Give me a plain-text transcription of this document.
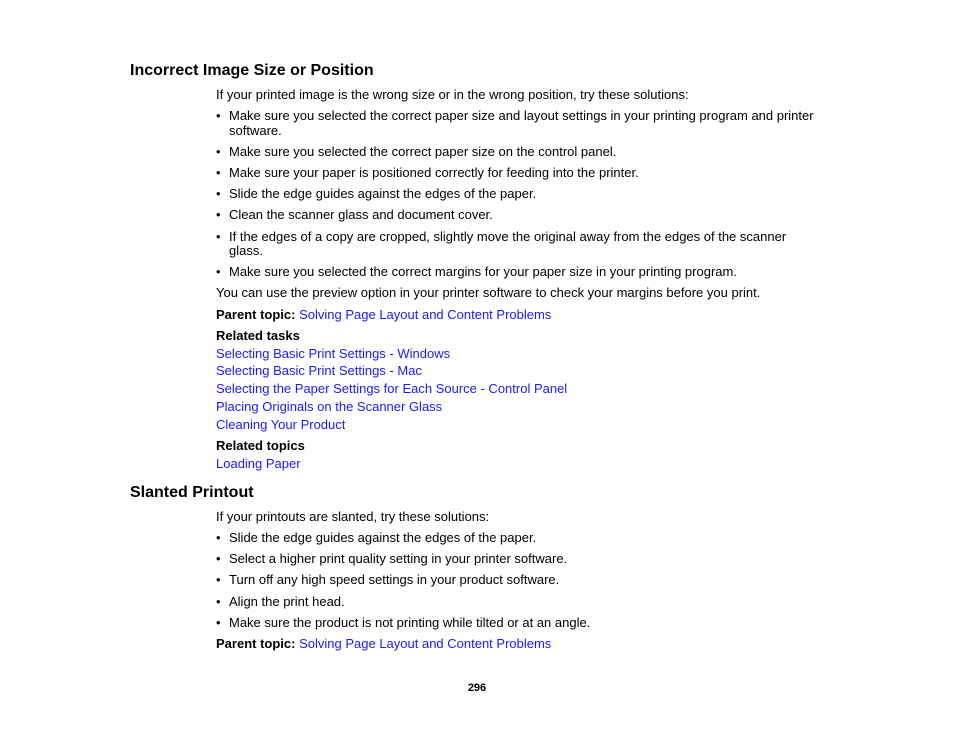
Incorrect Image Size or Position
If your printed image is the wrong size or in the wrong position, try these solutions:
• Make sure you selected the correct paper size and layout settings in your printing program and printer
software.
• Make sure you selected the correct paper size on the control panel.
• Make sure your paper is positioned correctly for feeding into the printer.
• Slide the edge guides against the edges of the paper.
• Clean the scanner glass and document cover.
• If the edges of a copy are cropped, slightly move the original away from the edges of the scanner
glass.
• Make sure you selected the correct margins for your paper size in your printing program.
You can use the preview option in your printer software to check your margins before you print.
Parent topic: Solving Page Layout and Content Problems
Related tasks
Selecting Basic Print Settings - Windows
Selecting Basic Print Settings - Mac
Selecting the Paper Settings for Each Source - Control Panel
Placing Originals on the Scanner Glass
Cleaning Your Product
Related topics
Loading Paper
Slanted Printout
If your printouts are slanted, try these solutions:
• Slide the edge guides against the edges of the paper.
• Select a higher print quality setting in your printer software.
• Turn off any high speed settings in your product software.
• Align the print head.
• Make sure the product is not printing while tilted or at an angle.
Parent topic: Solving Page Layout and Content Problems
296
